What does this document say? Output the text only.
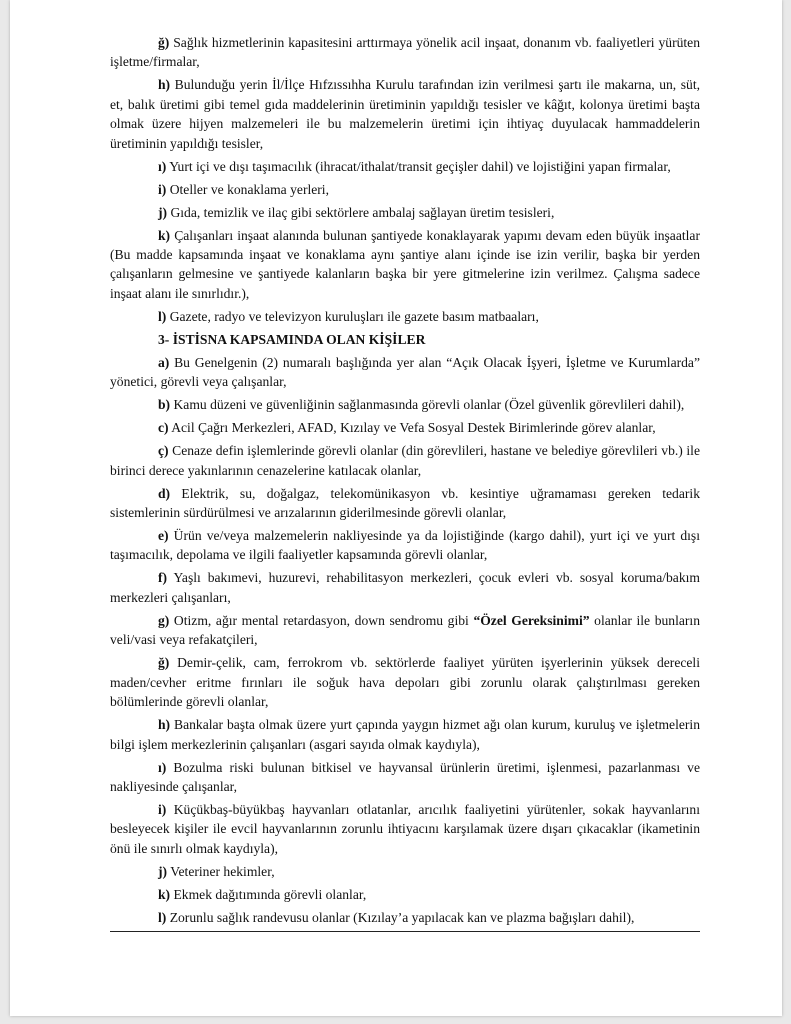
ğ) Sağlık hizmetlerinin kapasitesini arttırmaya yönelik acil inşaat, donanım vb. faaliyetleri yürüten işletme/firmalar,

h) Bulunduğu yerin İl/İlçe Hıfzıssıhha Kurulu tarafından izin verilmesi şartı ile makarna, un, süt, et, balık üretimi gibi temel gıda maddelerinin üretiminin yapıldığı tesisler ve kâğıt, kolonya üretimi başta olmak üzere hijyen malzemeleri ile bu malzemelerin üretimi için ihtiyaç duyulacak hammaddelerin üretiminin yapıldığı tesisler,

ı) Yurt içi ve dışı taşımacılık (ihracat/ithalat/transit geçişler dahil) ve lojistiğini yapan firmalar,

i) Oteller ve konaklama yerleri,

j) Gıda, temizlik ve ilaç gibi sektörlere ambalaj sağlayan üretim tesisleri,

k) Çalışanları inşaat alanında bulunan şantiyede konaklayarak yapımı devam eden büyük inşaatlar (Bu madde kapsamında inşaat ve konaklama aynı şantiye alanı içinde ise izin verilir, başka bir yerden çalışanların gelmesine ve şantiyede kalanların başka bir yere gitmelerine izin verilmez. Çalışma sadece inşaat alanı ile sınırlıdır.),

l) Gazete, radyo ve televizyon kuruluşları ile gazete basım matbaaları,

3- İSTİSNA KAPSAMINDA OLAN KİŞİLER

a) Bu Genelgenin (2) numaralı başlığında yer alan “Açık Olacak İşyeri, İşletme ve Kurumlarda” yönetici, görevli veya çalışanlar,

b) Kamu düzeni ve güvenliğinin sağlanmasında görevli olanlar (Özel güvenlik görevlileri dahil),

c) Acil Çağrı Merkezleri, AFAD, Kızılay ve Vefa Sosyal Destek Birimlerinde görev alanlar,

ç) Cenaze defin işlemlerinde görevli olanlar (din görevlileri, hastane ve belediye görevlileri vb.) ile birinci derece yakınlarının cenazelerine katılacak olanlar,

d) Elektrik, su, doğalgaz, telekomünikasyon vb. kesintiye uğramaması gereken tedarik sistemlerinin sürdürülmesi ve arızalarının giderilmesinde görevli olanlar,

e) Ürün ve/veya malzemelerin nakliyesinde ya da lojistiğinde (kargo dahil), yurt içi ve yurt dışı taşımacılık, depolama ve ilgili faaliyetler kapsamında görevli olanlar,

f) Yaşlı bakımevi, huzurevi, rehabilitasyon merkezleri, çocuk evleri vb. sosyal koruma/bakım merkezleri çalışanları,

g) Otizm, ağır mental retardasyon, down sendromu gibi “Özel Gereksinimi” olanlar ile bunların veli/vasi veya refakatçileri,

ğ) Demir-çelik, cam, ferrokrom vb. sektörlerde faaliyet yürüten işyerlerinin yüksek dereceli maden/cevher eritme fırınları ile soğuk hava depoları gibi zorunlu olarak çalıştırılması gereken bölümlerinde görevli olanlar,

h) Bankalar başta olmak üzere yurt çapında yaygın hizmet ağı olan kurum, kuruluş ve işletmelerin bilgi işlem merkezlerinin çalışanları (asgari sayıda olmak kaydıyla),

ı) Bozulma riski bulunan bitkisel ve hayvansal ürünlerin üretimi, işlenmesi, pazarlanması ve nakliyesinde çalışanlar,

i) Küçükbaş-büyükbaş hayvanları otlatanlar, arıcılık faaliyetini yürütenler, sokak hayvanlarını besleyecek kişiler ile evcil hayvanlarının zorunlu ihtiyacını karşılamak üzere dışarı çıkacaklar (ikametinin önü ile sınırlı olmak kaydıyla),

j) Veteriner hekimler,

k) Ekmek dağıtımında görevli olanlar,

l) Zorunlu sağlık randevusu olanlar (Kızılay’a yapılacak kan ve plazma bağışları dahil),
